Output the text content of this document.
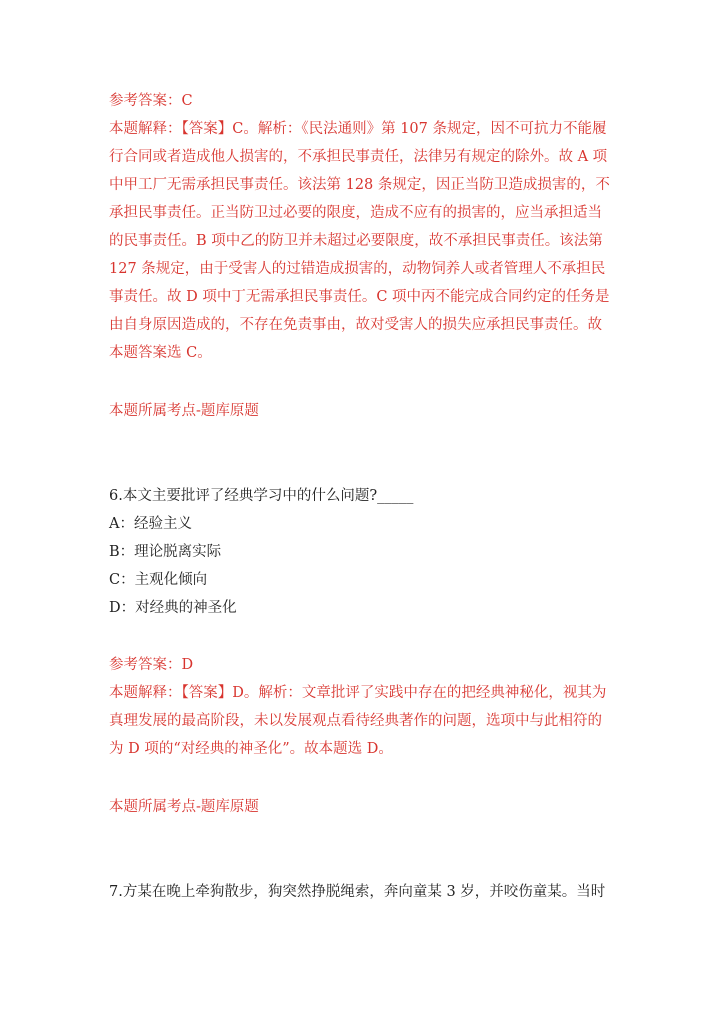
参考答案：C
本题解释：【答案】C。解析：《民法通则》第 107 条规定，因不可抗力不能履
行合同或者造成他人损害的，不承担民事责任，法律另有规定的除外。故 A 项
中甲工厂无需承担民事责任。该法第 128 条规定，因正当防卫造成损害的，不
承担民事责任。正当防卫过必要的限度，造成不应有的损害的，应当承担适当
的民事责任。B 项中乙的防卫并未超过必要限度，故不承担民事责任。该法第
127 条规定，由于受害人的过错造成损害的，动物饲养人或者管理人不承担民
事责任。故 D 项中丁无需承担民事责任。C 项中丙不能完成合同约定的任务是
由自身原因造成的，不存在免责事由，故对受害人的损失应承担民事责任。故
本题答案选 C。
本题所属考点-题库原题
6.本文主要批评了经典学习中的什么问题?_____
A：经验主义
B：理论脱离实际
C：主观化倾向
D：对经典的神圣化
参考答案：D
本题解释：【答案】D。解析：文章批评了实践中存在的把经典神秘化，视其为
真理发展的最高阶段，未以发展观点看待经典著作的问题，选项中与此相符的
为 D 项的“对经典的神圣化”。故本题选 D。
本题所属考点-题库原题
7.方某在晚上牵狗散步，狗突然挣脱绳索，奔向童某 3 岁，并咬伤童某。当时
